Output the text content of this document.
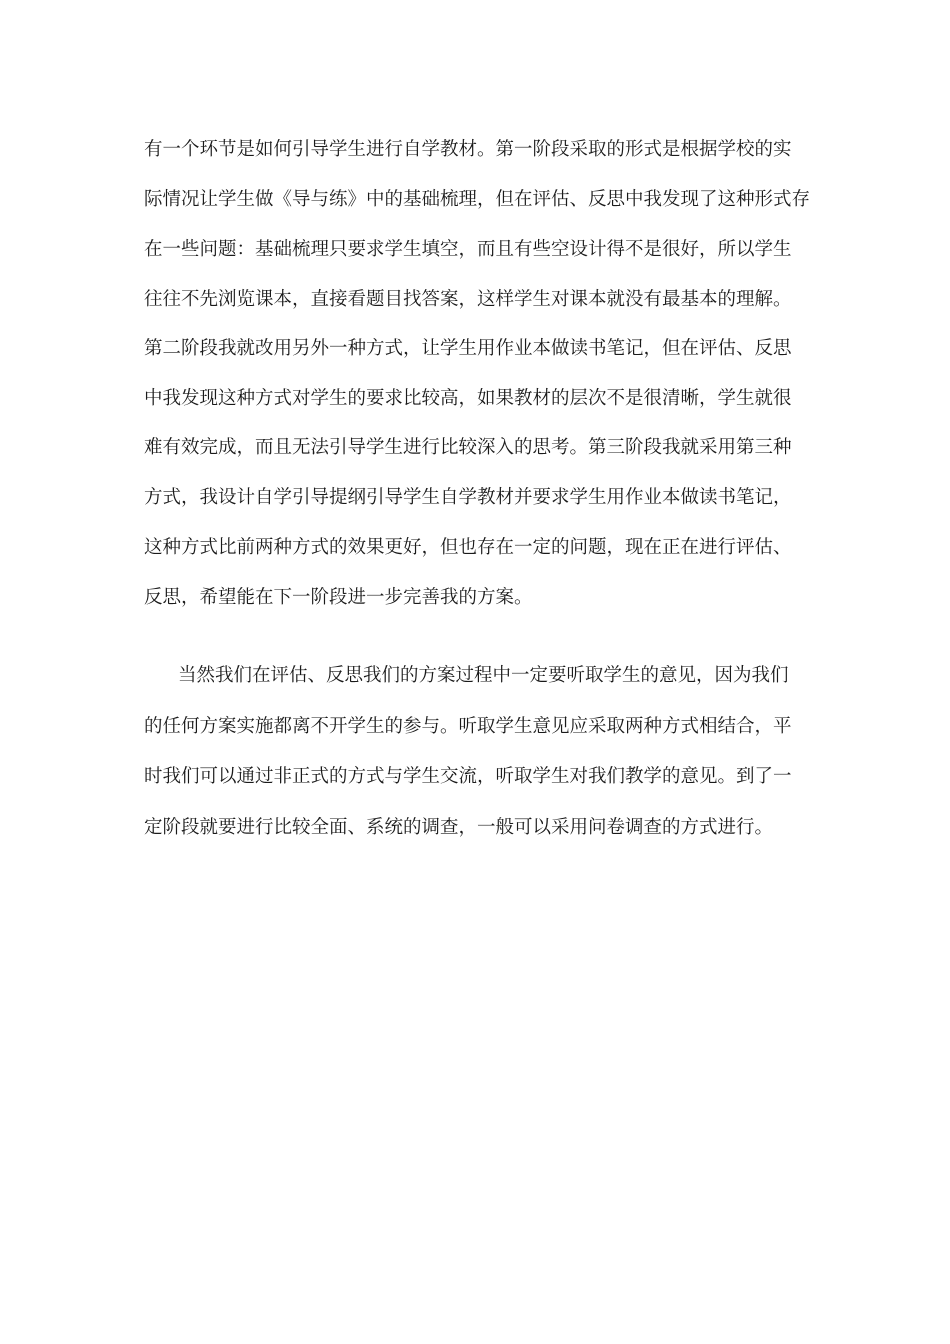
有一个环节是如何引导学生进行自学教材。第一阶段采取的形式是根据学校的实
际情况让学生做《导与练》中的基础梳理，但在评估、反思中我发现了这种形式存
在一些问题：基础梳理只要求学生填空，而且有些空设计得不是很好，所以学生
往往不先浏览课本，直接看题目找答案，这样学生对课本就没有最基本的理解。
第二阶段我就改用另外一种方式，让学生用作业本做读书笔记，但在评估、反思
中我发现这种方式对学生的要求比较高，如果教材的层次不是很清晰，学生就很
难有效完成，而且无法引导学生进行比较深入的思考。第三阶段我就采用第三种
方式，我设计自学引导提纲引导学生自学教材并要求学生用作业本做读书笔记，
这种方式比前两种方式的效果更好，但也存在一定的问题，现在正在进行评估、
反思，希望能在下一阶段进一步完善我的方案。
当然我们在评估、反思我们的方案过程中一定要听取学生的意见，因为我们
的任何方案实施都离不开学生的参与。听取学生意见应采取两种方式相结合，平
时我们可以通过非正式的方式与学生交流，听取学生对我们教学的意见。到了一
定阶段就要进行比较全面、系统的调查，一般可以采用问卷调查的方式进行。
